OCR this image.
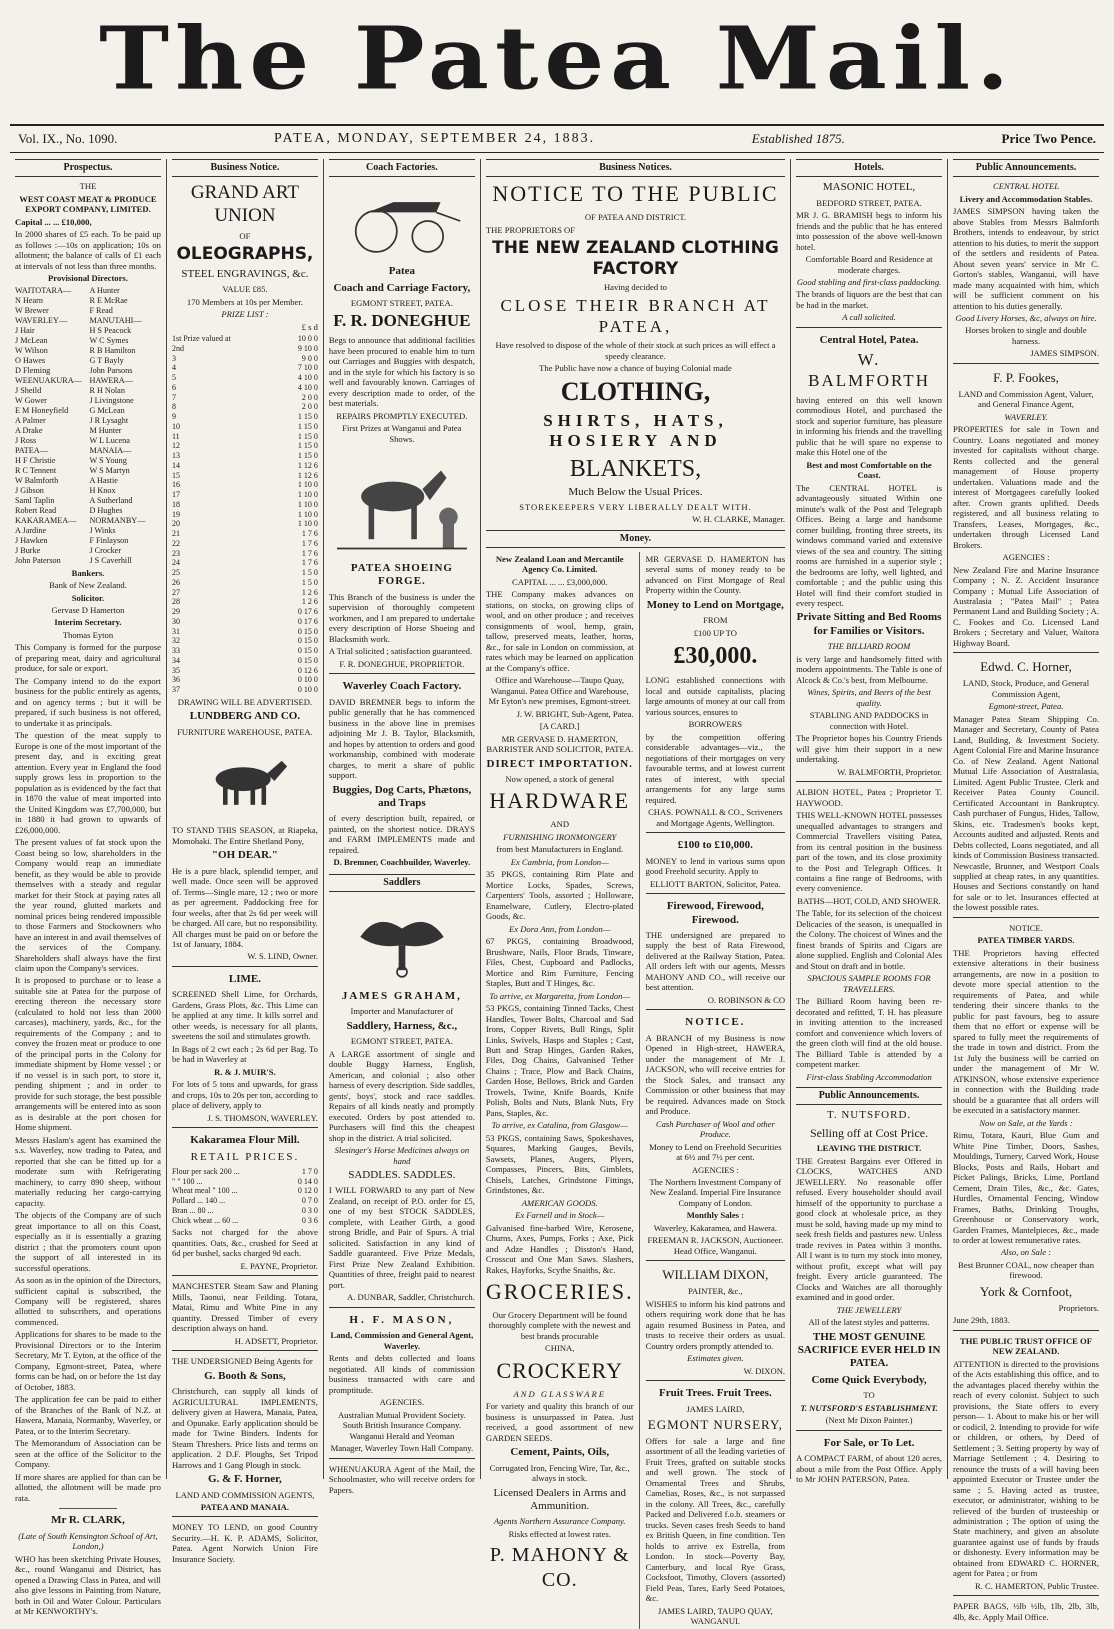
The Patea Mail.
Vol. IX., No. 1090.	PATEA, MONDAY, SEPTEMBER 24, 1883.	Established 1875.	Price Two Pence.
Prospectus.

THE

WEST COAST MEAT & PRODUCE EXPORT COMPANY, LIMITED.

Capital ... ... £10,000,

In 2000 shares of £5 each. To be paid up as follows :—10s on application; 10s on allotment; the balance of calls of £1 each at intervals of not less than three months.

Provisional Directors.

WAITOTARA—
N Hearn
W Brewer
WAVERLEY—
J Hair
J McLean
W Wilson
O Hawes
D Fleming
WEENUAKURA—
J Sheild
W Gower
E M Honeyfield
A Palmer
A Drake
J Ross
PATEA—
H F Christie
R C Tennent
W Balmforth
J Gibson
Saml Taplin
Robert Read
KAKARAMEA—
A Jardine
J Hawken
J Burke
John Paterson
A Hunter
R E McRae
F Read
MANUTAHI—
H S Peacock
W C Symes
R B Hamilton
G T Bayly
John Parsons
HAWERA—
R H Nolan
J Livingstone
G McLean
J R Lysaght
M Hunter
W L Lucena
MANAIA—
W S Young
W S Martyn
A Hastie
H Knox
A Sutherland
D Hughes
NORMANBY—
J Winks
F Finlayson
J Crocker
J S Caverhill

Bankers.

Bank of New Zealand.

Solicitor.

Gervase D Hamerton

Interim Secretary.

Thomas Eyton

This Company is formed for the purpose of preparing meat, dairy and agricultural produce, for sale or export.

The Company intend to do the export business for the public entirely as agents, and on agency terms ; but it will be prepared, if such business is not offered, to undertake it as principals.

The question of the meat supply to Europe is one of the most important of the present day, and is exciting great attention. Every year in England the food supply grows less in proportion to the population as is evidenced by the fact that in 1870 the value of meat imported into the United Kingdom was £7,700,000, but in 1880 it had grown to upwards of £26,000,000.

The present values of fat stock upon the Coast being so low, shareholders in the Company would reap an immediate benefit, as they would be able to provide themselves with a steady and regular market for their Stock at paying rates all the year round, glutted markets and nominal prices being rendered impossible to those Farmers and Stockowners who have an interest in and avail themselves of the services of the Company. Shareholders shall always have the first claim upon the Company's services.

It is proposed to purchase or to lease a suitable site at Patea for the purpose of erecting thereon the necessary store (calculated to hold not less than 2000 carcases), machinery, yards, &c., for the requirements of the Company ; and to convey the frozen meat or produce to one of the principal ports in the Colony for immediate shipment by Home vessel ; or if no vessel is in such port, to store it, pending shipment ; and in order to provide for such storage, the best possible arrangements will be entered into as soon as is desirable at the port chosen for Home shipment.

Messrs Haslam's agent has examined the s.s. Waverley, now trading to Patea, and reported that she can be fitted up for a moderate sum with Refrigerating machinery, to carry 890 sheep, without materially reducing her cargo-carrying capacity.

The objects of the Company are of such great importance to all on this Coast, especially as it is essentially a grazing district ; that the promoters count upon the support of all interested in its successful operations.

As soon as in the opinion of the Directors, sufficient capital is subscribed, the Company will be registered, shares allotted to subscribers, and operations commenced.

Applications for shares to be made to the Provisional Directors or to the Interim Secretary, Mr T. Eyton, at the office of the Company, Egmont-street, Patea, where forms can be had, on or before the 1st day of October, 1883.

The application fee can be paid to either of the Branches of the Bank of N.Z. at Hawera, Manaia, Normanby, Waverley, or Patea, or to the Interim Secretary.

The Memorandum of Association can be seen at the office of the Solicitor to the Company.

If more shares are applied for than can be allotted, the allotment will be made pro rata.

Mr R. CLARK,

(Late of South Kensington School of Art, London,)

WHO has been sketching Private Houses, &c., round Wanganui and District, has opened a Drawing Class in Patea, and will also give lessons in Painting from Nature, both in Oil and Water Colour. Particulars at Mr KENWORTHY's.

Business Notice.

GRAND ART UNION

OF

OLEOGRAPHS,

STEEL ENGRAVINGS, &c.

VALUE £85.

170 Members at 10s per Member.

PRIZE LIST :

£ s d

1st Prize valued at	10 0 0
2nd	9 10 0
3	9 0 0
4	7 10 0
5	4 10 0
6	4 10 0
7	2 0 0
8	2 0 0
9	1 15 0
10	1 15 0
11	1 15 0
12	1 15 0
13	1 15 0
14	1 12 6
15	1 12 6
16	1 10 0
17	1 10 0
18	1 10 0
19	1 10 0
20	1 10 0
21	1 7 6
22	1 7 6
23	1 7 6
24	1 7 6
25	1 5 0
26	1 5 0
27	1 2 6
28	1 2 6
29	0 17 6
30	0 17 6
31	0 15 0
32	0 15 0
33	0 15 0
34	0 15 0
35	0 12 6
36	0 10 0
37	0 10 0

DRAWING WILL BE ADVERTISED.

LUNDBERG AND CO.

FURNITURE WAREHOUSE, PATEA.

TO STAND THIS SEASON, at Riapeka, Momohaki. The Entire Shetland Pony,

"OH DEAR."

He is a pure black, splendid temper, and well made. Once seen will be approved of. Terms—Single mare, 12 ; two or more as per agreement. Paddocking free for four weeks, after that 2s 6d per week will be charged. All care, but no responsibility. All charges must be paid on or before the 1st of January, 1884.

W. S. LIND, Owner.

LIME.

SCREENED Shell Lime, for Orchards, Gardens, Grass Plots, &c. This Lime can be applied at any time. It kills sorrel and other weeds, is necessary for all plants, sweetens the soil and stimulates growth.

In Bags of 2 cwt each ; 2s 6d per Bag. To be had in Waverley at

R. & J. MUIR'S.

For lots of 5 tons and upwards, for grass and crops, 10s to 20s per ton, according to place of delivery, apply to

J. S. THOMSON, WAVERLEY.

Kakaramea Flour Mill.

RETAIL PRICES.

Flour per sack 200 ...	1 7 0
" " 100 ...	0 14 0
Wheat meal " 100 ...	0 12 0
Pollard ... 140 ...	0 7 0
Bran ... 80 ...	0 3 0
Chick wheat ... 60 ...	0 3 6

Sacks not charged for the above quantities. Oats, &c., crushed for Seed at 6d per bushel, sacks charged 9d each.

E. PAYNE, Proprietor.

MANCHESTER Steam Saw and Planing Mills, Taonui, near Feilding. Totara, Matai, Rimu and White Pine in any quantity. Dressed Timber of every description always on hand.

H. ADSETT, Proprietor.

THE UNDERSIGNED Being Agents for

G. Booth & Sons,

Christchurch, can supply all kinds of AGRICULTURAL IMPLEMENTS, delivery given at Hawera, Manaia, Patea, and Opunake. Early application should be made for Twine Binders. Indents for Steam Threshers. Price lists and terms on application. 2 D.F. Ploughs, Set Tripod Harrows and 1 Gang Plough in stock.

G. & F. Horner,

LAND AND COMMISSION AGENTS,

PATEA AND MANAIA.

MONEY TO LEND, on good Country Security.—H. K. P. ADAMS, Solicitor, Patea. Agent Norwich Union Fire Insurance Society.

Coach Factories.

Patea

Coach and Carriage Factory,

EGMONT STREET, PATEA.

F. R. DONEGHUE

Begs to announce that additional facilities have been procured to enable him to turn out Carriages and Buggies with despatch, and in the style for which his factory is so well and favourably known. Carriages of every description made to order, of the best materials.

REPAIRS PROMPTLY EXECUTED.

First Prizes at Wanganui and Patea Shows.

PATEA SHOEING FORGE.

This Branch of the business is under the supervision of thoroughly competent workmen, and I am prepared to undertake every description of Horse Shoeing and Blacksmith work.

A Trial solicited ; satisfaction guaranteed.

F. R. DONEGHUE, PROPRIETOR.

Waverley Coach Factory.

DAVID BREMNER begs to inform the public generally that he has commenced business in the above line in premises adjoining Mr J. B. Taylor, Blacksmith, and hopes by attention to orders and good workmanship, combined with moderate charges, to merit a share of public support.

Buggies, Dog Carts, Phætons, and Traps

of every description built, repaired, or painted, on the shortest notice. DRAYS and FARM IMPLEMENTS made and repaired.

D. Bremner, Coachbuilder, Waverley.

Saddlers

JAMES GRAHAM,

Importer and Manufacturer of

Saddlery, Harness, &c.,

EGMONT STREET, PATEA.

A LARGE assortment of single and double Buggy Harness, English, American, and colonial ; also other harness of every description. Side saddles, gents', boys', stock and race saddles. Repairs of all kinds neatly and promptly executed. Orders by post attended to. Purchasers will find this the cheapest shop in the district. A trial solicited.

Slesinger's Horse Medicines always on hand

SADDLES. SADDLES.

I WILL FORWARD to any part of New Zealand, on receipt of P.O. order for £5, one of my best STOCK SADDLES, complete, with Leather Girth, a good strong Bridle, and Pair of Spurs. A trial solicited. Satisfaction in any kind of Saddle guaranteed. Five Prize Medals, First Prize New Zealand Exhibition. Quantities of three, freight paid to nearest port.

A. DUNBAR, Saddler, Christchurch.

H. F. MASON,

Land, Commission and General Agent, Waverley.

Rents and debts collected and loans negotiated. All kinds of commission business transacted with care and promptitude.

AGENCIES.

Australian Mutual Provident Society. South British Insurance Company. Wanganui Herald and Yeoman

Manager, Waverley Town Hall Company.

WHENUAKURA Agent of the Mail, the Schoolmaster, who will receive orders for Papers.

Business Notices.

NOTICE TO THE PUBLIC

OF PATEA AND DISTRICT.

THE PROPRIETORS OF

THE NEW ZEALAND CLOTHING FACTORY

Having decided to

CLOSE THEIR BRANCH AT PATEA,

Have resolved to dispose of the whole of their stock at such prices as will effect a speedy clearance.

The Public have now a chance of buying Colonial made

CLOTHING,

SHIRTS, HATS, HOSIERY AND

BLANKETS,

Much Below the Usual Prices.

STOREKEEPERS VERY LIBERALLY DEALT WITH.

W. H. CLARKE, Manager.

Money.

New Zealand Loan and Mercantile Agency Co. Limited.

CAPITAL ... ... £3,000,000.

THE Company makes advances on stations, on stocks, on growing clips of wool, and on other produce ; and receives consignments of wool, hemp, grain, tallow, preserved meats, leather, horns, &c., for sale in London on commission, at rates which may be learned on application at the Company's office.

Office and Warehouse—Taupo Quay, Wanganui. Patea Office and Warehouse, Mr Eyton's new premises, Egmont-street.

J. W. BRIGHT, Sub-Agent, Patea.

[A CARD.]

MR GERVASE D. HAMERTON, BARRISTER AND SOLICITOR, PATEA.

DIRECT IMPORTATION.

Now opened, a stock of general

HARDWARE

AND

FURNISHING IRONMONGERY

from best Manufacturers in England.

Ex Cambria, from London—

35 PKGS, containing Rim Plate and Mortice Locks, Spades, Screws, Carpenters' Tools, assorted ; Holloware, Enamelware, Cutlery, Electro-plated Goods, &c.

Ex Dora Ann, from London—

67 PKGS, containing Broadwood, Brushware, Nails, Floor Brads, Tinware, Files, Chest, Cupboard and Padlocks, Mortice and Rim Furniture, Fencing Staples, Butt and T Hinges, &c.

To arrive, ex Margaretta, from London—

53 PKGS, containing Tinned Tacks, Chest Handles, Tower Bolts, Charcoal and Sad Irons, Copper Rivets, Bull Rings, Split Links, Swivels, Hasps and Staples ; Cast, Butt and Strap Hinges, Garden Rakes, Files, Dog Chains, Galvanised Tether Chains ; Trace, Plow and Back Chains, Garden Hose, Bellows, Brick and Garden Trowels, Twine, Knife Boards, Knife Polish, Bolts and Nuts, Blank Nuts, Fry Pans, Staples, &c.

To arrive, ex Catalina, from Glasgow—

53 PKGS, containing Saws, Spokeshaves, Squares, Marking Gauges, Bevils, Sawsets, Planes, Augers, Plyers, Compasses, Pincers, Bits, Gimblets, Chisels, Latches, Grindstone Fittings, Grindstones, &c.

AMERICAN GOODS.

Ex Farnell and in Stock—

Galvanised fine-barbed Wire, Kerosene, Churns, Axes, Pumps, Forks ; Axe, Pick and Adze Handles ; Disston's Hand, Crosscut and One Man Saws. Slashers, Rakes, Hayforks, Scythe Snaiths, &c.

GROCERIES.

Our Grocery Department will be found thoroughly complete with the newest and best brands procurable

CHINA,

CROCKERY

AND GLASSWARE

For variety and quality this branch of our business is unsurpassed in Patea. Just received, a good assortment of new GARDEN SEEDS.

Cement, Paints, Oils,

Corrugated Iron, Fencing Wire, Tar, &c., always in stock.

Licensed Dealers in Arms and Ammunition.

Agents Northern Assurance Company.

Risks effected at lowest rates.

P. MAHONY & CO.

MR GERVASE D. HAMERTON has several sums of money ready to be advanced on First Mortgage of Real Property within the County.

Money to Lend on Mortgage,

FROM

£100 UP TO

£30,000.

LONG established connections with local and outside capitalists, placing large amounts of money at our call from various sources, ensures to

BORROWERS

by the competition offering considerable advantages—viz., the negotiations of their mortgages on very favourable terms, and at lowest current rates of interest, with special arrangements for any large sums required.

CHAS. POWNALL & CO., Scriveners and Mortgage Agents, Wellington.

£100 to £10,000.

MONEY to lend in various sums upon good Freehold security. Apply to

ELLIOTT BARTON, Solicitor, Patea.

Firewood, Firewood, Firewood.

THE undersigned are prepared to supply the best of Rata Firewood, delivered at the Railway Station, Patea. All orders left with our agents, Messrs MAHONY AND CO., will receive our best attention.

O. ROBINSON & CO

NOTICE.

A BRANCH of my Business is now Opened in High-street, HAWERA, under the management of Mr J. JACKSON, who will receive entries for the Stock Sales, and transact any Commission or other business that may be required. Advances made on Stock and Produce.

Cash Purchaser of Wool and other Produce.

Money to Lend on Freehold Securities at 6½ and 7½ per cent.

AGENCIES :

The Northern Investment Company of New Zealand. Imperial Fire Insurance Company of London.

Monthly Sales :

Waverley, Kakaramea, and Hawera.

FREEMAN R. JACKSON, Auctioneer. Head Office, Wanganui.

WILLIAM DIXON,

PAINTER, &c.,

WISHES to inform his kind patrons and others requiring work done that he has again resumed Business in Patea, and trusts to receive their orders as usual. Country orders promptly attended to.

Estimates given.

W. DIXON.

Fruit Trees. Fruit Trees.

JAMES LAIRD,

EGMONT NURSERY,

Offers for sale a large and fine assortment of all the leading varieties of Fruit Trees, grafted on suitable stocks and well grown. The stock of Ornamental Trees and Shrubs, Camelias, Roses, &c., is not surpassed in the colony. All Trees, &c., carefully Packed and Delivered f.o.b. steamers or trucks. Seven cases fresh Seeds to hand ex British Queen, in fine condition. Ten holds to arrive ex Estrella, from London. In stock—Poverty Bay, Canterbury, and local Rye Grass, Cocksfoot, Timothy, Clovers (assorted) Field Peas, Tares, Early Seed Potatoes, &c.

JAMES LAIRD, TAUPO QUAY, WANGANUI.

Hotels.

MASONIC HOTEL,

BEDFORD STREET, PATEA.

MR J. G. BRAMISH begs to inform his friends and the public that he has entered into possession of the above well-known hotel.

Comfortable Board and Residence at moderate charges.

Good stabling and first-class paddocking.

The brands of liquors are the best that can be had in the market.

A call solicited.

Central Hotel, Patea.

W. BALMFORTH

having entered on this well known commodious Hotel, and purchased the stock and superior furniture, has pleasure in informing his friends and the travelling public that he will spare no expense to make this Hotel one of the

Best and most Comfortable on the Coast.

The CENTRAL HOTEL is advantageously situated Within one minute's walk of the Post and Telegraph Offices. Being a large and handsome corner building, fronting three streets, its windows command varied and extensive views of the sea and country. The sitting rooms are furnished in a superior style ; the bedrooms are lofty, well lighted, and comfortable ; and the public using this Hotel will find their comfort studied in every respect.

Private Sitting and Bed Rooms for Families or Visitors.

THE BILLIARD ROOM

is very large and handsomely fitted with modern appointments. The Table is one of Alcock & Co.'s best, from Melbourne.

Wines, Spirits, and Beers of the best quality.

STABLING AND PADDOCKS in connection with Hotel.

The Proprietor hopes his Country Friends will give him their support in a new undertaking.

W. BALMFORTH, Proprietor.

ALBION HOTEL, Patea ; Proprietor T. HAYWOOD.

THIS WELL-KNOWN HOTEL possesses unequalled advantages to strangers and Commercial Travellers visiting Patea, from its central position in the business part of the town, and its close proximity to the Post and Telegraph Offices. It contains a fine range of Bedrooms, with every convenience.

BATHS—HOT, COLD, AND SHOWER.

The Table, for its selection of the choicest Delicacies of the season, is unequalled in the Colony. The choicest of Wines and the finest brands of Spirits and Cigars are alone supplied. English and Colonial Ales and Stout on draft and in bottle.

SPACIOUS SAMPLE ROOMS FOR TRAVELLERS.

The Billiard Room having been re-decorated and refitted, T. H. has pleasure in inviting attention to the increased comfort and convenience which lovers of the green cloth will find at the old house. The Billiard Table is attended by a competent marker.

First-class Stabling Accommodation

Public Announcements.

T. NUTSFORD.

Selling off at Cost Price.

LEAVING THE DISTRICT.

THE Greatest Bargains ever Offered in CLOCKS, WATCHES AND JEWELLERY. No reasonable offer refused. Every householder should avail himself of the opportunity to purchase a good clock at wholesale price, as they must be sold, having made up my mind to seek fresh fields and pastures new. Unless trade revives in Patea within 3 months. All I want is to turn my stock into money, without profit, except what will pay freight. Every article guaranteed. The Clocks and Watches are all thoroughly examined and in good order.

THE JEWELLERY

All of the latest styles and patterns.

THE MOST GENUINE SACRIFICE EVER HELD IN PATEA.

Come Quick Everybody,

TO

T. NUTSFORD'S ESTABLISHMENT.

(Next Mr Dixon Painter.)

For Sale, or To Let.

A COMPACT FARM, of about 120 acres, about a mile from the Post Office. Apply to Mr JOHN PATERSON, Patea.

Public Announcements.

CENTRAL HOTEL

Livery and Accommodation Stables.

JAMES SIMPSON having taken the above Stables from Messrs Balmforth Brothers, intends to endeavour, by strict attention to his duties, to merit the support of the settlers and residents of Patea. About seven years' service in Mr C. Gorton's stables, Wanganui, will have made many acquainted with him, which will be sufficient comment on his attention to his duties generally.

Good Livery Horses, &c, always on hire.

Horses broken to single and double harness.

JAMES SIMPSON.

F. P. Fookes,

LAND and Commission Agent, Valuer, and General Finance Agent,

WAVERLEY.

PROPERTIES for sale in Town and Country. Loans negotiated and money invested for capitalists without charge. Rents collected and the general management of House property undertaken. Valuations made and the interest of Mortgagees carefully looked after. Crown grants uplifted. Deeds registered, and all business relating to Transfers, Leases, Mortgages, &c., undertaken through Licensed Land Brokers.

AGENCIES :

New Zealand Fire and Marine Insurance Company ; N. Z. Accident Insurance Company ; Mutual Life Association of Australasia ; "Patea Mail" ; Patea Permanent Land and Building Society ; A. C. Fookes and Co. Licensed Land Brokers ; Secretary and Valuer, Waitora Highway Board.

Edwd. C. Horner,

LAND, Stock, Produce, and General Commission Agent,

Egmont-street, Patea.

Manager Patea Steam Shipping Co. Manager and Secretary, County of Patea Land, Building, & Investment Society. Agent Colonial Fire and Marine Insurance Co. of New Zealand. Agent National Mutual Life Association of Australasia, Limited. Agent Public Trustee. Clerk and Receiver Patea County Council. Certificated Accountant in Bankruptcy. Cash purchaser of Fungus, Hides, Tallow, Skins, etc. Tradesmen's books kept, Accounts audited and adjusted. Rents and Debts collected, Loans negotiated, and all kinds of Commission Business transacted. Newcastle, Brunner, and Westport Coals supplied at cheap rates, in any quantities. Houses and Sections constantly on hand for sale or to let. Insurances effected at the lowest possible rates.

NOTICE.

PATEA TIMBER YARDS.

THE Proprietors having effected extensive alterations in their business arrangements, are now in a position to devote more special attention to the requirements of Patea, and while tendering their sincere thanks to the public for past favours, beg to assure them that no effort or expense will be spared to fully meet the requirements of the trade in town and district. From the 1st July the business will be carried on under the management of Mr W. ATKINSON, whose extensive experience in connection with the Building trade should be a guarantee that all orders will be executed in a satisfactory manner.

Now on Sale, at the Yards :

Rimu, Totara, Kauri, Blue Gum and White Pine Timber, Doors, Sashes, Mouldings, Turnery, Carved Work, House Blocks, Posts and Rails, Hobart and Picket Palings, Bricks, Lime, Portland Cement, Drain Tiles, &c., &c. Gates, Hurdles, Ornamental Fencing, Window Frames, Baths, Drinking Troughs, Greenhouse or Conservatory work, Garden Frames, Mantelpieces, &c., made to order at lowest remunerative rates.

Also, on Sale :

Best Brunner COAL, now cheaper than firewood.

York & Cornfoot,

Proprietors.

June 29th, 1883.

THE PUBLIC TRUST OFFICE OF NEW ZEALAND.

ATTENTION is directed to the provisions of the Acts establishing this office, and to the advantages placed thereby within the reach of every colonist. Subject to such provisions, the State offers to every person— 1. About to make his or her will or codicil, 2. Intending to provide for wife or children, or others, by Deed of Settlement ; 3. Setting property by way of Marriage Settlement ; 4. Desiring to renounce the trusts of a will having been appointed Executor or Trustee under the same ; 5. Having acted as trustee, executor, or administrator, wishing to be relieved of the burden of trusteeship or administration ; The option of using the State machinery, and given an absolute guarantee against use of funds by frauds or dishonesty. Every information may be obtained from EDWARD C. HORNER, agent for Patea ; or from

R. C. HAMERTON, Public Trustee.

PAPER BAGS, ½lb ½lb, 1lb, 2lb, 3lb, 4lb, &c. Apply Mail Office.
